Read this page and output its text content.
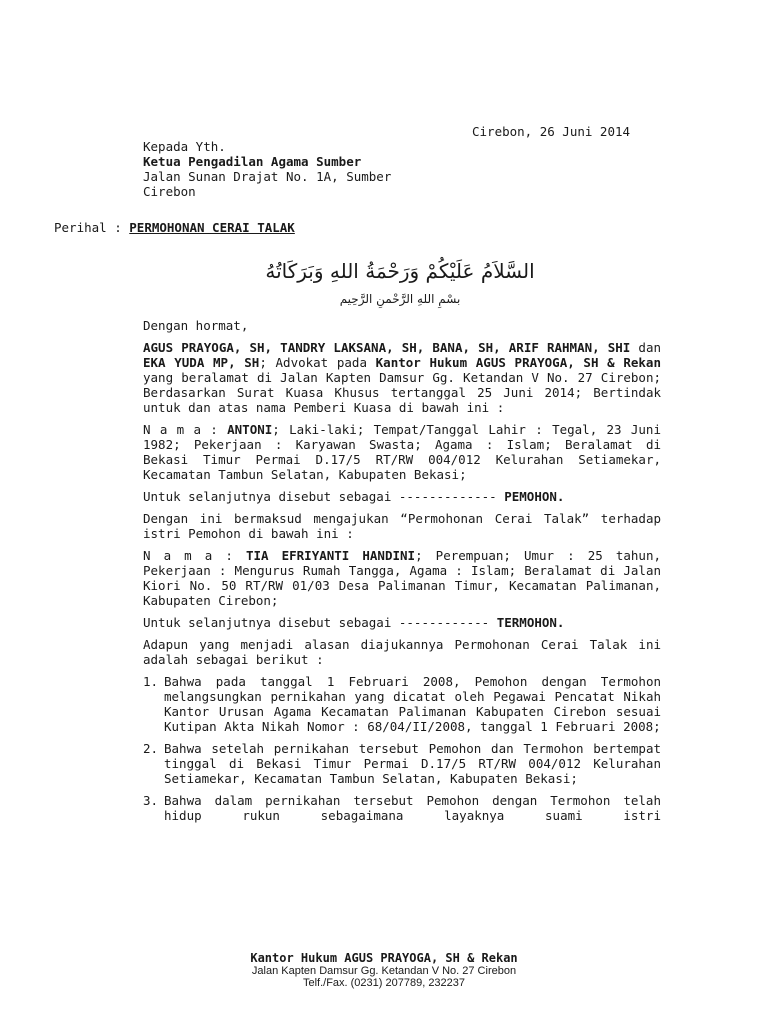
Cirebon, 26 Juni 2014
Kepada Yth.
Ketua Pengadilan Agama Sumber
Jalan Sunan Drajat No. 1A, Sumber
Cirebon
Perihal : PERMOHONAN CERAI TALAK
السَّلاَمُ عَلَيْكُمْ وَرَحْمَةُ اللهِ وَبَرَكَاتُهُ
بسْمِ اللهِ الرَّحْمنِ الرَّحِيم

Dengan hormat,

AGUS PRAYOGA, SH, TANDRY LAKSANA, SH, BANA, SH, ARIF RAHMAN, SHI dan EKA YUDA MP, SH; Advokat pada Kantor Hukum AGUS PRAYOGA, SH & Rekan yang beralamat di Jalan Kapten Damsur Gg. Ketandan V No. 27 Cirebon; Berdasarkan Surat Kuasa Khusus tertanggal 25 Juni 2014; Bertindak untuk dan atas nama Pemberi Kuasa di bawah ini :

N a m a : ANTONI; Laki-laki; Tempat/Tanggal Lahir : Tegal, 23 Juni 1982; Pekerjaan : Karyawan Swasta; Agama : Islam; Beralamat di Bekasi Timur Permai D.17/5 RT/RW 004/012 Kelurahan Setiamekar, Kecamatan Tambun Selatan, Kabupaten Bekasi;

Untuk selanjutnya disebut sebagai ------------- PEMOHON.

Dengan ini bermaksud mengajukan “Permohonan Cerai Talak” terhadap istri Pemohon di bawah ini :

N a m a : TIA EFRIYANTI HANDINI; Perempuan; Umur : 25 tahun, Pekerjaan : Mengurus Rumah Tangga, Agama : Islam; Beralamat di Jalan Kiori No. 50 RT/RW 01/03 Desa Palimanan Timur, Kecamatan Palimanan, Kabupaten Cirebon;

Untuk selanjutnya disebut sebagai ------------ TERMOHON.

Adapun yang menjadi alasan diajukannya Permohonan Cerai Talak ini adalah sebagai berikut :

1. Bahwa pada tanggal 1 Februari 2008, Pemohon dengan Termohon melangsungkan pernikahan yang dicatat oleh Pegawai Pencatat Nikah Kantor Urusan Agama Kecamatan Palimanan Kabupaten Cirebon sesuai Kutipan Akta Nikah Nomor : 68/04/II/2008, tanggal 1 Februari 2008;
2. Bahwa setelah pernikahan tersebut Pemohon dan Termohon bertempat tinggal di Bekasi Timur Permai D.17/5 RT/RW 004/012 Kelurahan Setiamekar, Kecamatan Tambun Selatan, Kabupaten Bekasi;
3. Bahwa dalam pernikahan tersebut Pemohon dengan Termohon telah hidup rukun sebagaimana layaknya suami istri
Kantor Hukum AGUS PRAYOGA, SH & Rekan
Jalan Kapten Damsur Gg. Ketandan V No. 27 Cirebon
Telf./Fax. (0231) 207789, 232237
